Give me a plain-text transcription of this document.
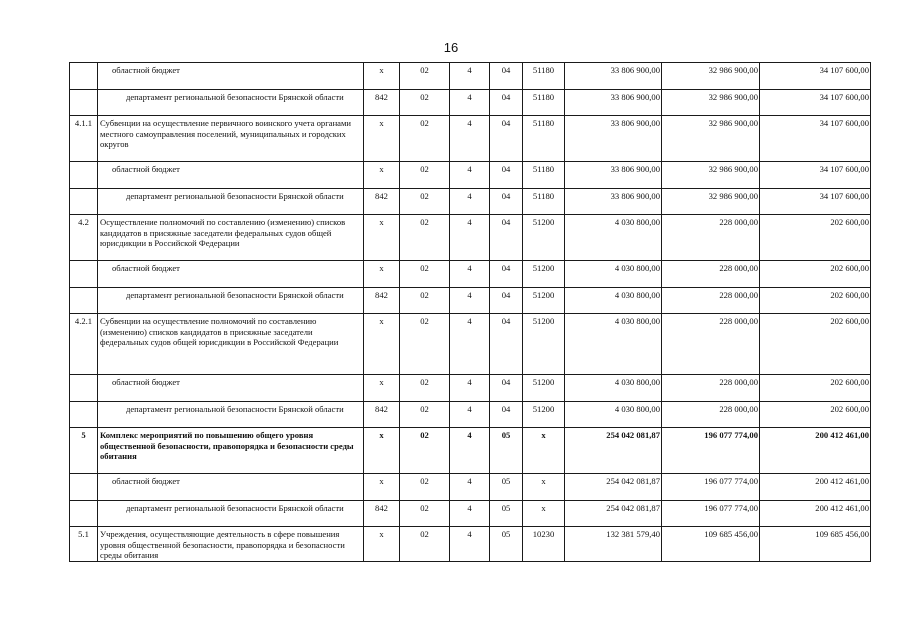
16
	областной бюджет	x	02	4	04	51180	33 806 900,00	32 986 900,00	34 107 600,00
	департамент региональной безопасности Брянской области	842	02	4	04	51180	33 806 900,00	32 986 900,00	34 107 600,00
4.1.1	Субвенции на осуществление первичного воинского учета органами местного самоуправления поселений, муниципальных и городских округов	x	02	4	04	51180	33 806 900,00	32 986 900,00	34 107 600,00
	областной бюджет	x	02	4	04	51180	33 806 900,00	32 986 900,00	34 107 600,00
	департамент региональной безопасности Брянской области	842	02	4	04	51180	33 806 900,00	32 986 900,00	34 107 600,00
4.2	Осуществление полномочий по составлению (изменению) списков кандидатов в присяжные заседатели федеральных судов общей юрисдикции в Российской Федерации	x	02	4	04	51200	4 030 800,00	228 000,00	202 600,00
	областной бюджет	x	02	4	04	51200	4 030 800,00	228 000,00	202 600,00
	департамент региональной безопасности Брянской области	842	02	4	04	51200	4 030 800,00	228 000,00	202 600,00
4.2.1	Субвенции на осуществление полномочий по составлению (изменению) списков кандидатов в присяжные заседатели федеральных судов общей юрисдикции в Российской Федерации	x	02	4	04	51200	4 030 800,00	228 000,00	202 600,00
	областной бюджет	x	02	4	04	51200	4 030 800,00	228 000,00	202 600,00
	департамент региональной безопасности Брянской области	842	02	4	04	51200	4 030 800,00	228 000,00	202 600,00
5	Комплекс мероприятий по повышению общего уровня общественной безопасности, правопорядка и безопасности среды обитания	x	02	4	05	x	254 042 081,87	196 077 774,00	200 412 461,00
	областной бюджет	x	02	4	05	x	254 042 081,87	196 077 774,00	200 412 461,00
	департамент региональной безопасности Брянской области	842	02	4	05	x	254 042 081,87	196 077 774,00	200 412 461,00
5.1	Учреждения, осуществляющие деятельность в сфере повышения уровня общественной безопасности, правопорядка и безопасности среды обитания	x	02	4	05	10230	132 381 579,40	109 685 456,00	109 685 456,00
